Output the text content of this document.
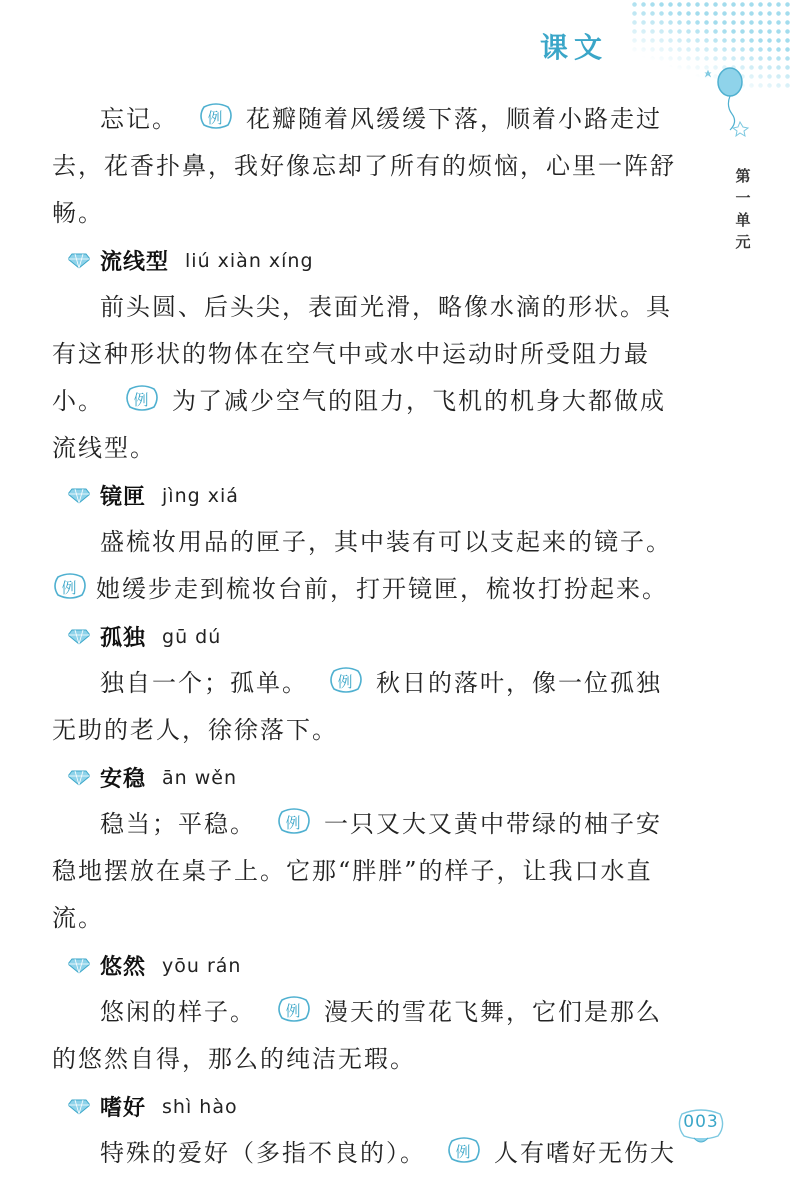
课文
第
一
单
元

忘记。 例 花瓣随着风缓缓下落，顺着小路走过去，花香扑鼻，我好像忘却了所有的烦恼，心里一阵舒畅。

流线型 liú xiàn xíng

前头圆、后头尖，表面光滑，略像水滴的形状。具有这种形状的物体在空气中或水中运动时所受阻力最小。 例 为了减少空气的阻力，飞机的机身大都做成流线型。

镜匣 jìng xiá

盛梳妆用品的匣子，其中装有可以支起来的镜子。

例 她缓步走到梳妆台前，打开镜匣，梳妆打扮起来。

孤独 gū dú

独自一个；孤单。 例 秋日的落叶，像一位孤独无助的老人，徐徐落下。

安稳 ān wěn

稳当；平稳。 例 一只又大又黄中带绿的柚子安稳地摆放在桌子上。它那“胖胖”的样子，让我口水直流。

悠然 yōu rán

悠闲的样子。 例 漫天的雪花飞舞，它们是那么的悠然自得，那么的纯洁无瑕。

嗜好 shì hào

特殊的爱好（多指不良的）。 例 人有嗜好无伤大

003
